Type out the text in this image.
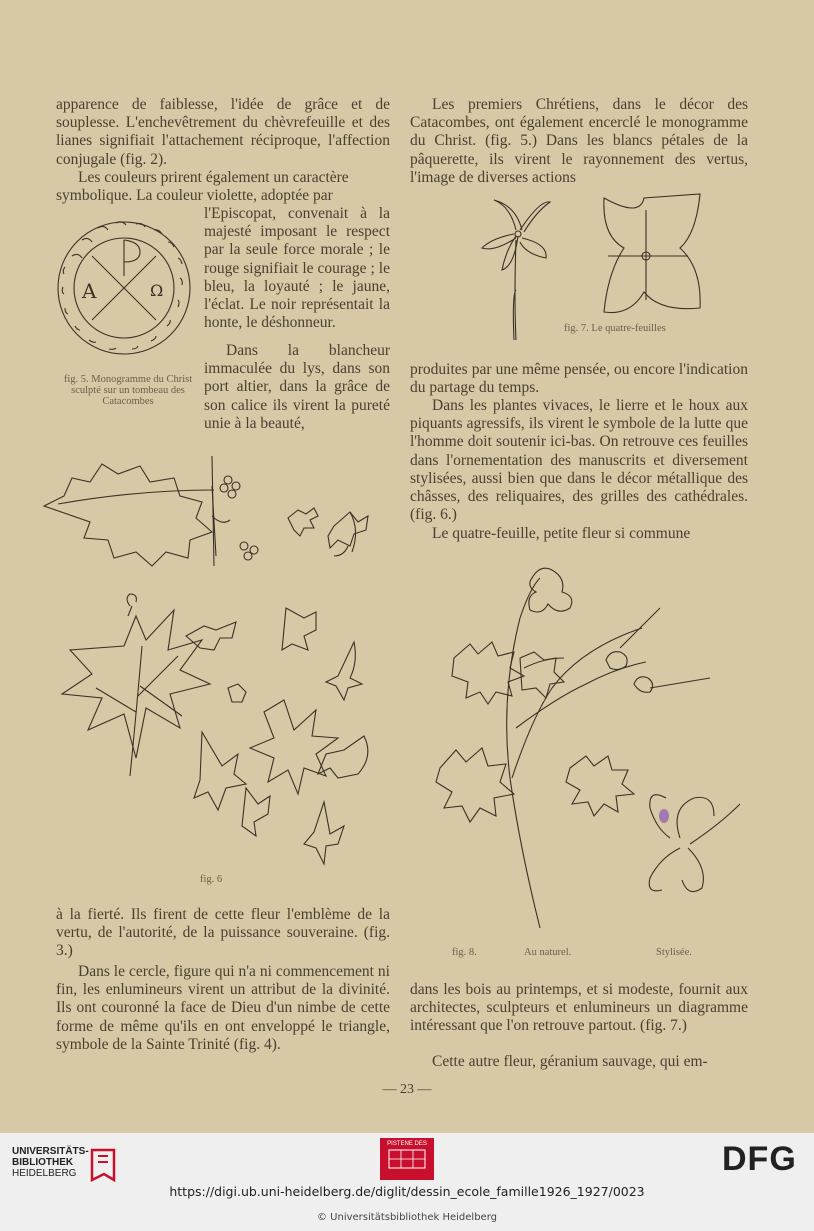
apparence de faiblesse, l'idée de grâce et de souplesse. L'enchevêtrement du chèvrefeuille et des lianes signifiait l'attachement réciproque, l'affection conjugale (fig. 2).

Les couleurs prirent également un caractère

symbolique. La couleur violette, adoptée par

l'Episcopat, convenait à la majesté imposant le respect par la seule force morale ; le rouge signifiait le courage ; le bleu, la loyauté ; le jaune, l'éclat. Le noir représentait la honte, le déshonneur.

Dans la blancheur immaculée du lys, dans son port altier, dans la grâce de son calice ils virent la pureté unie à la beauté,

A	Ω
fig. 5. Monogramme du Christ sculpté sur un tombeau des Catacombes
fig. 6

à la fierté. Ils firent de cette fleur l'emblème de la vertu, de l'autorité, de la puissance souveraine. (fig. 3.)

Dans le cercle, figure qui n'a ni commencement ni fin, les enlumineurs virent un attribut de la divinité. Ils ont couronné la face de Dieu d'un nimbe de cette forme de même qu'ils en ont enveloppé le triangle, symbole de la Sainte Trinité (fig. 4).

Les premiers Chrétiens, dans le décor des Catacombes, ont également encerclé le monogramme du Christ. (fig. 5.) Dans les blancs pétales de la pâquerette, ils virent le rayonnement des vertus, l'image de diverses actions

fig. 7. Le quatre-feuilles

produites par une même pensée, ou encore l'indication du partage du temps.

Dans les plantes vivaces, le lierre et le houx aux piquants agressifs, ils virent le symbole de la lutte que l'homme doit soutenir ici-bas. On retrouve ces feuilles dans l'ornementation des manuscrits et diversement stylisées, aussi bien que dans le décor métallique des châsses, des reliquaires, des grilles des cathédrales. (fig. 6.)

Le quatre-feuille, petite fleur si commune

fig. 8.	Au naturel.	Stylisée.

dans les bois au printemps, et si modeste, fournit aux architectes, sculpteurs et enlumineurs un diagramme intéressant que l'on retrouve partout. (fig. 7.)

Cette autre fleur, géranium sauvage, qui em-

— 23 —
UNIVERSITÄTS-
BIBLIOTHEK
HEIDELBERG
PISTENE DES	DFG
https://digi.ub.uni-heidelberg.de/diglit/dessin_ecole_famille1926_1927/0023
© Universitätsbibliothek Heidelberg
